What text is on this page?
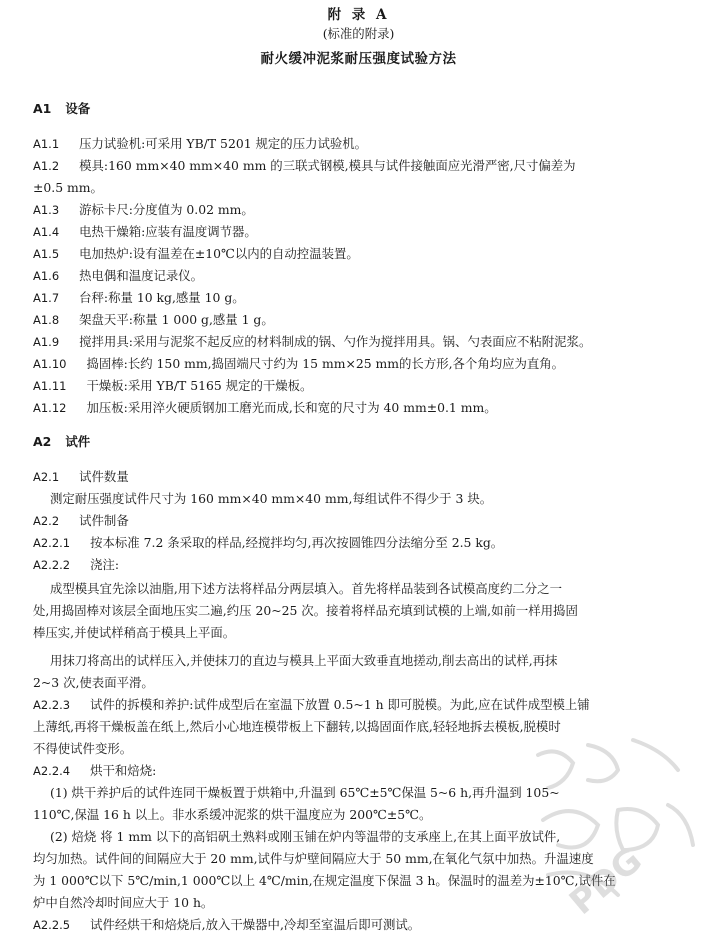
附 录 A
(标准的附录)
耐火缓冲泥浆耐压强度试验方法
A1 设备
A1.1 压力试验机:可采用 YB/T 5201 规定的压力试验机。
A1.2 模具:160 mm×40 mm×40 mm 的三联式钢模,模具与试件接触面应光滑严密,尺寸偏差为
±0.5 mm。
A1.3 游标卡尺:分度值为 0.02 mm。
A1.4 电热干燥箱:应装有温度调节器。
A1.5 电加热炉:设有温差在±10℃以内的自动控温装置。
A1.6 热电偶和温度记录仪。
A1.7 台秤:称量 10 kg,感量 10 g。
A1.8 架盘天平:称量 1 000 g,感量 1 g。
A1.9 搅拌用具:采用与泥浆不起反应的材料制成的锅、勺作为搅拌用具。锅、勺表面应不粘附泥浆。
A1.10 捣固棒:长约 150 mm,捣固端尺寸约为 15 mm×25 mm的长方形,各个角均应为直角。
A1.11 干燥板:采用 YB/T 5165 规定的干燥板。
A1.12 加压板:采用淬火硬质钢加工磨光而成,长和宽的尺寸为 40 mm±0.1 mm。
A2 试件
A2.1 试件数量
测定耐压强度试件尺寸为 160 mm×40 mm×40 mm,每组试件不得少于 3 块。
A2.2 试件制备
A2.2.1 按本标准 7.2 条采取的样品,经搅拌均匀,再次按圆锥四分法缩分至 2.5 kg。
A2.2.2 浇注:
成型模具宜先涂以油脂,用下述方法将样品分两层填入。首先将样品装到各试模高度约二分之一
处,用捣固棒对该层全面地压实二遍,约压 20~25 次。接着将样品充填到试模的上端,如前一样用捣固
棒压实,并使试样稍高于模具上平面。
用抹刀将高出的试样压入,并使抹刀的直边与模具上平面大致垂直地搓动,削去高出的试样,再抹
2~3 次,使表面平滑。
A2.2.3 试件的拆模和养护:试件成型后在室温下放置 0.5~1 h 即可脱模。为此,应在试件成型模上铺
上薄纸,再将干燥板盖在纸上,然后小心地连模带板上下翻转,以捣固面作底,轻轻地拆去模板,脱模时
不得使试件变形。
A2.2.4 烘干和焙烧:
(1) 烘干养护后的试件连同干燥板置于烘箱中,升温到 65℃±5℃保温 5~6 h,再升温到 105~
110℃,保温 16 h 以上。非水系缓冲泥浆的烘干温度应为 200℃±5℃。
(2) 焙烧 将 1 mm 以下的高铝矾土熟料或刚玉铺在炉内等温带的支承座上,在其上面平放试件,
均匀加热。试件间的间隔应大于 20 mm,试件与炉壁间隔应大于 50 mm,在氧化气氛中加热。升温速度
为 1 000℃以下 5℃/min,1 000℃以上 4℃/min,在规定温度下保温 3 h。保温时的温差为±10℃,试件在
炉中自然冷却时间应大于 10 h。
A2.2.5 试件经烘干和焙烧后,放入干燥器中,冷却至室温后即可测试。
PDG
